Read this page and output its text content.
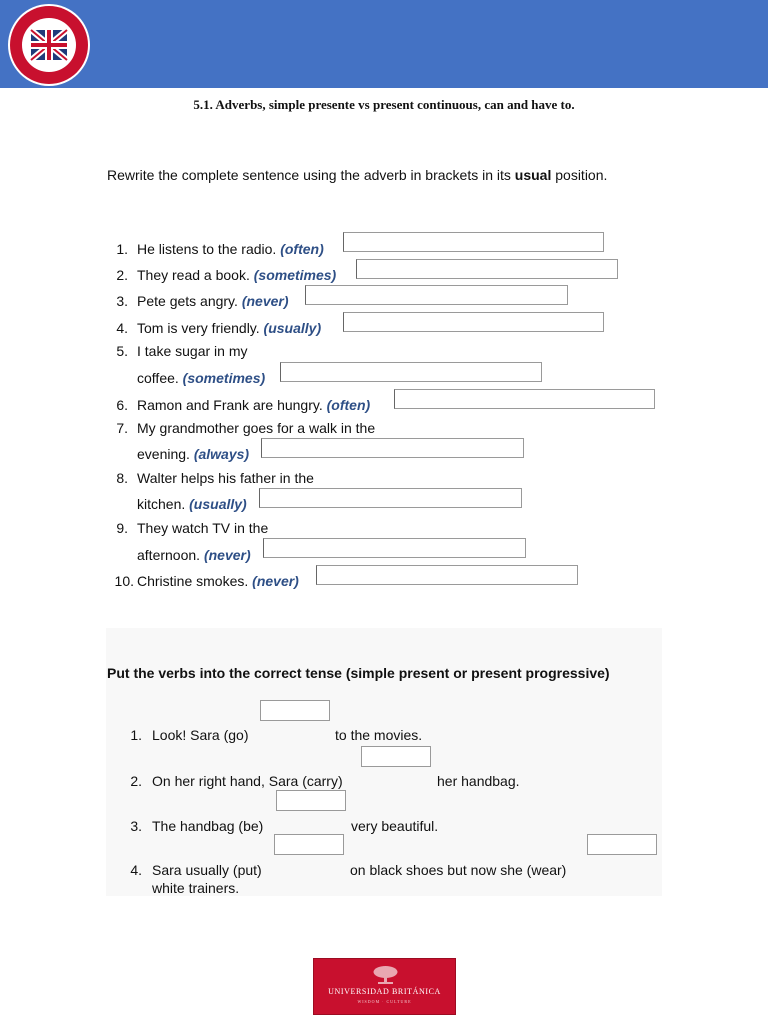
5.1. Adverbs, simple presente vs present continuous, can and have to.
Rewrite the complete sentence using the adverb in brackets in its usual position.
1. He listens to the radio. (often)
2. They read a book. (sometimes)
3. Pete gets angry. (never)
4. Tom is very friendly. (usually)
5. I take sugar in my
coffee. (sometimes)
6. Ramon and Frank are hungry. (often)
7. My grandmother goes for a walk in the
evening. (always)
8. Walter helps his father in the
kitchen. (usually)
9. They watch TV in the
afternoon. (never)
10. Christine smokes. (never)
Put the verbs into the correct tense (simple present or present progressive)
1. Look! Sara (go)	to the movies.
2. On her right hand, Sara (carry)	her handbag.
3. The handbag (be)	very beautiful.
4. Sara usually (put)	on black shoes but now she (wear)
white trainers.
UNIVERSIDAD BRITÁNICA
WISDOM · CULTURE
